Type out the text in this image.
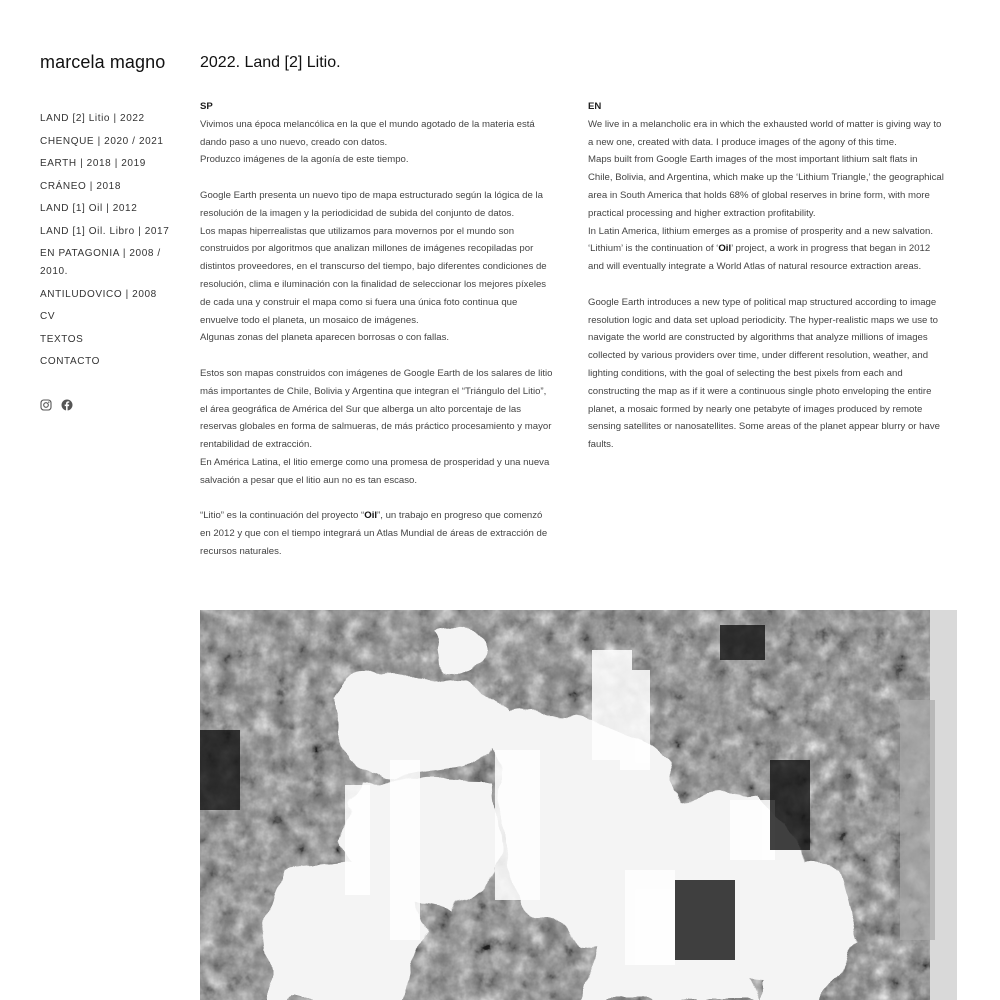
marcela magno
LAND [2] Litio | 2022
CHENQUE | 2020 / 2021
EARTH | 2018 | 2019
CRÁNEO | 2018
LAND [1] Oil | 2012
LAND [1] Oil. Libro | 2017
EN PATAGONIA | 2008 /
2010.
ANTILUDOVICO | 2008
CV
TEXTOS
CONTACTO
2022. Land [2] Litio.
SP
Vivimos una época melancólica en la que el mundo agotado de la materia está
dando paso a uno nuevo, creado con datos.
Produzco imágenes de la agonía de este tiempo.
Google Earth presenta un nuevo tipo de mapa estructurado según la lógica de la
resolución de la imagen y la periodicidad de subida del conjunto de datos.
Los mapas hiperrealistas que utilizamos para movernos por el mundo son
construidos por algoritmos que analizan millones de imágenes recopiladas por
distintos proveedores, en el transcurso del tiempo, bajo diferentes condiciones de
resolución, clima e iluminación con la finalidad de seleccionar los mejores píxeles
de cada una y construir el mapa como si fuera una única foto continua que
envuelve todo el planeta, un mosaico de imágenes.
Algunas zonas del planeta aparecen borrosas o con fallas.
Estos son mapas construidos con imágenes de Google Earth de los salares de litio
más importantes de Chile, Bolivia y Argentina que integran el “Triángulo del Litio”,
el área geográfica de América del Sur que alberga un alto porcentaje de las
reservas globales en forma de salmueras, de más práctico procesamiento y mayor
rentabilidad de extracción.
En América Latina, el litio emerge como una promesa de prosperidad y una nueva
salvación a pesar que el litio aun no es tan escaso.
“Litio” es la continuación del proyecto “Oil”, un trabajo en progreso que comenzó
en 2012 y que con el tiempo integrará un Atlas Mundial de áreas de extracción de
recursos naturales.
EN
We live in a melancholic era in which the exhausted world of matter is giving way to
a new one, created with data. I produce images of the agony of this time.
Maps built from Google Earth images of the most important lithium salt flats in
Chile, Bolivia, and Argentina, which make up the ‘Lithium Triangle,’ the geographical
area in South America that holds 68% of global reserves in brine form, with more
practical processing and higher extraction profitability.
In Latin America, lithium emerges as a promise of prosperity and a new salvation.
‘Lithium’ is the continuation of ‘Oil’ project, a work in progress that began in 2012
and will eventually integrate a World Atlas of natural resource extraction areas.
Google Earth introduces a new type of political map structured according to image
resolution logic and data set upload periodicity. The hyper-realistic maps we use to
navigate the world are constructed by algorithms that analyze millions of images
collected by various providers over time, under different resolution, weather, and
lighting conditions, with the goal of selecting the best pixels from each and
constructing the map as if it were a continuous single photo enveloping the entire
planet, a mosaic formed by nearly one petabyte of images produced by remote
sensing satellites or nanosatellites. Some areas of the planet appear blurry or have
faults.
